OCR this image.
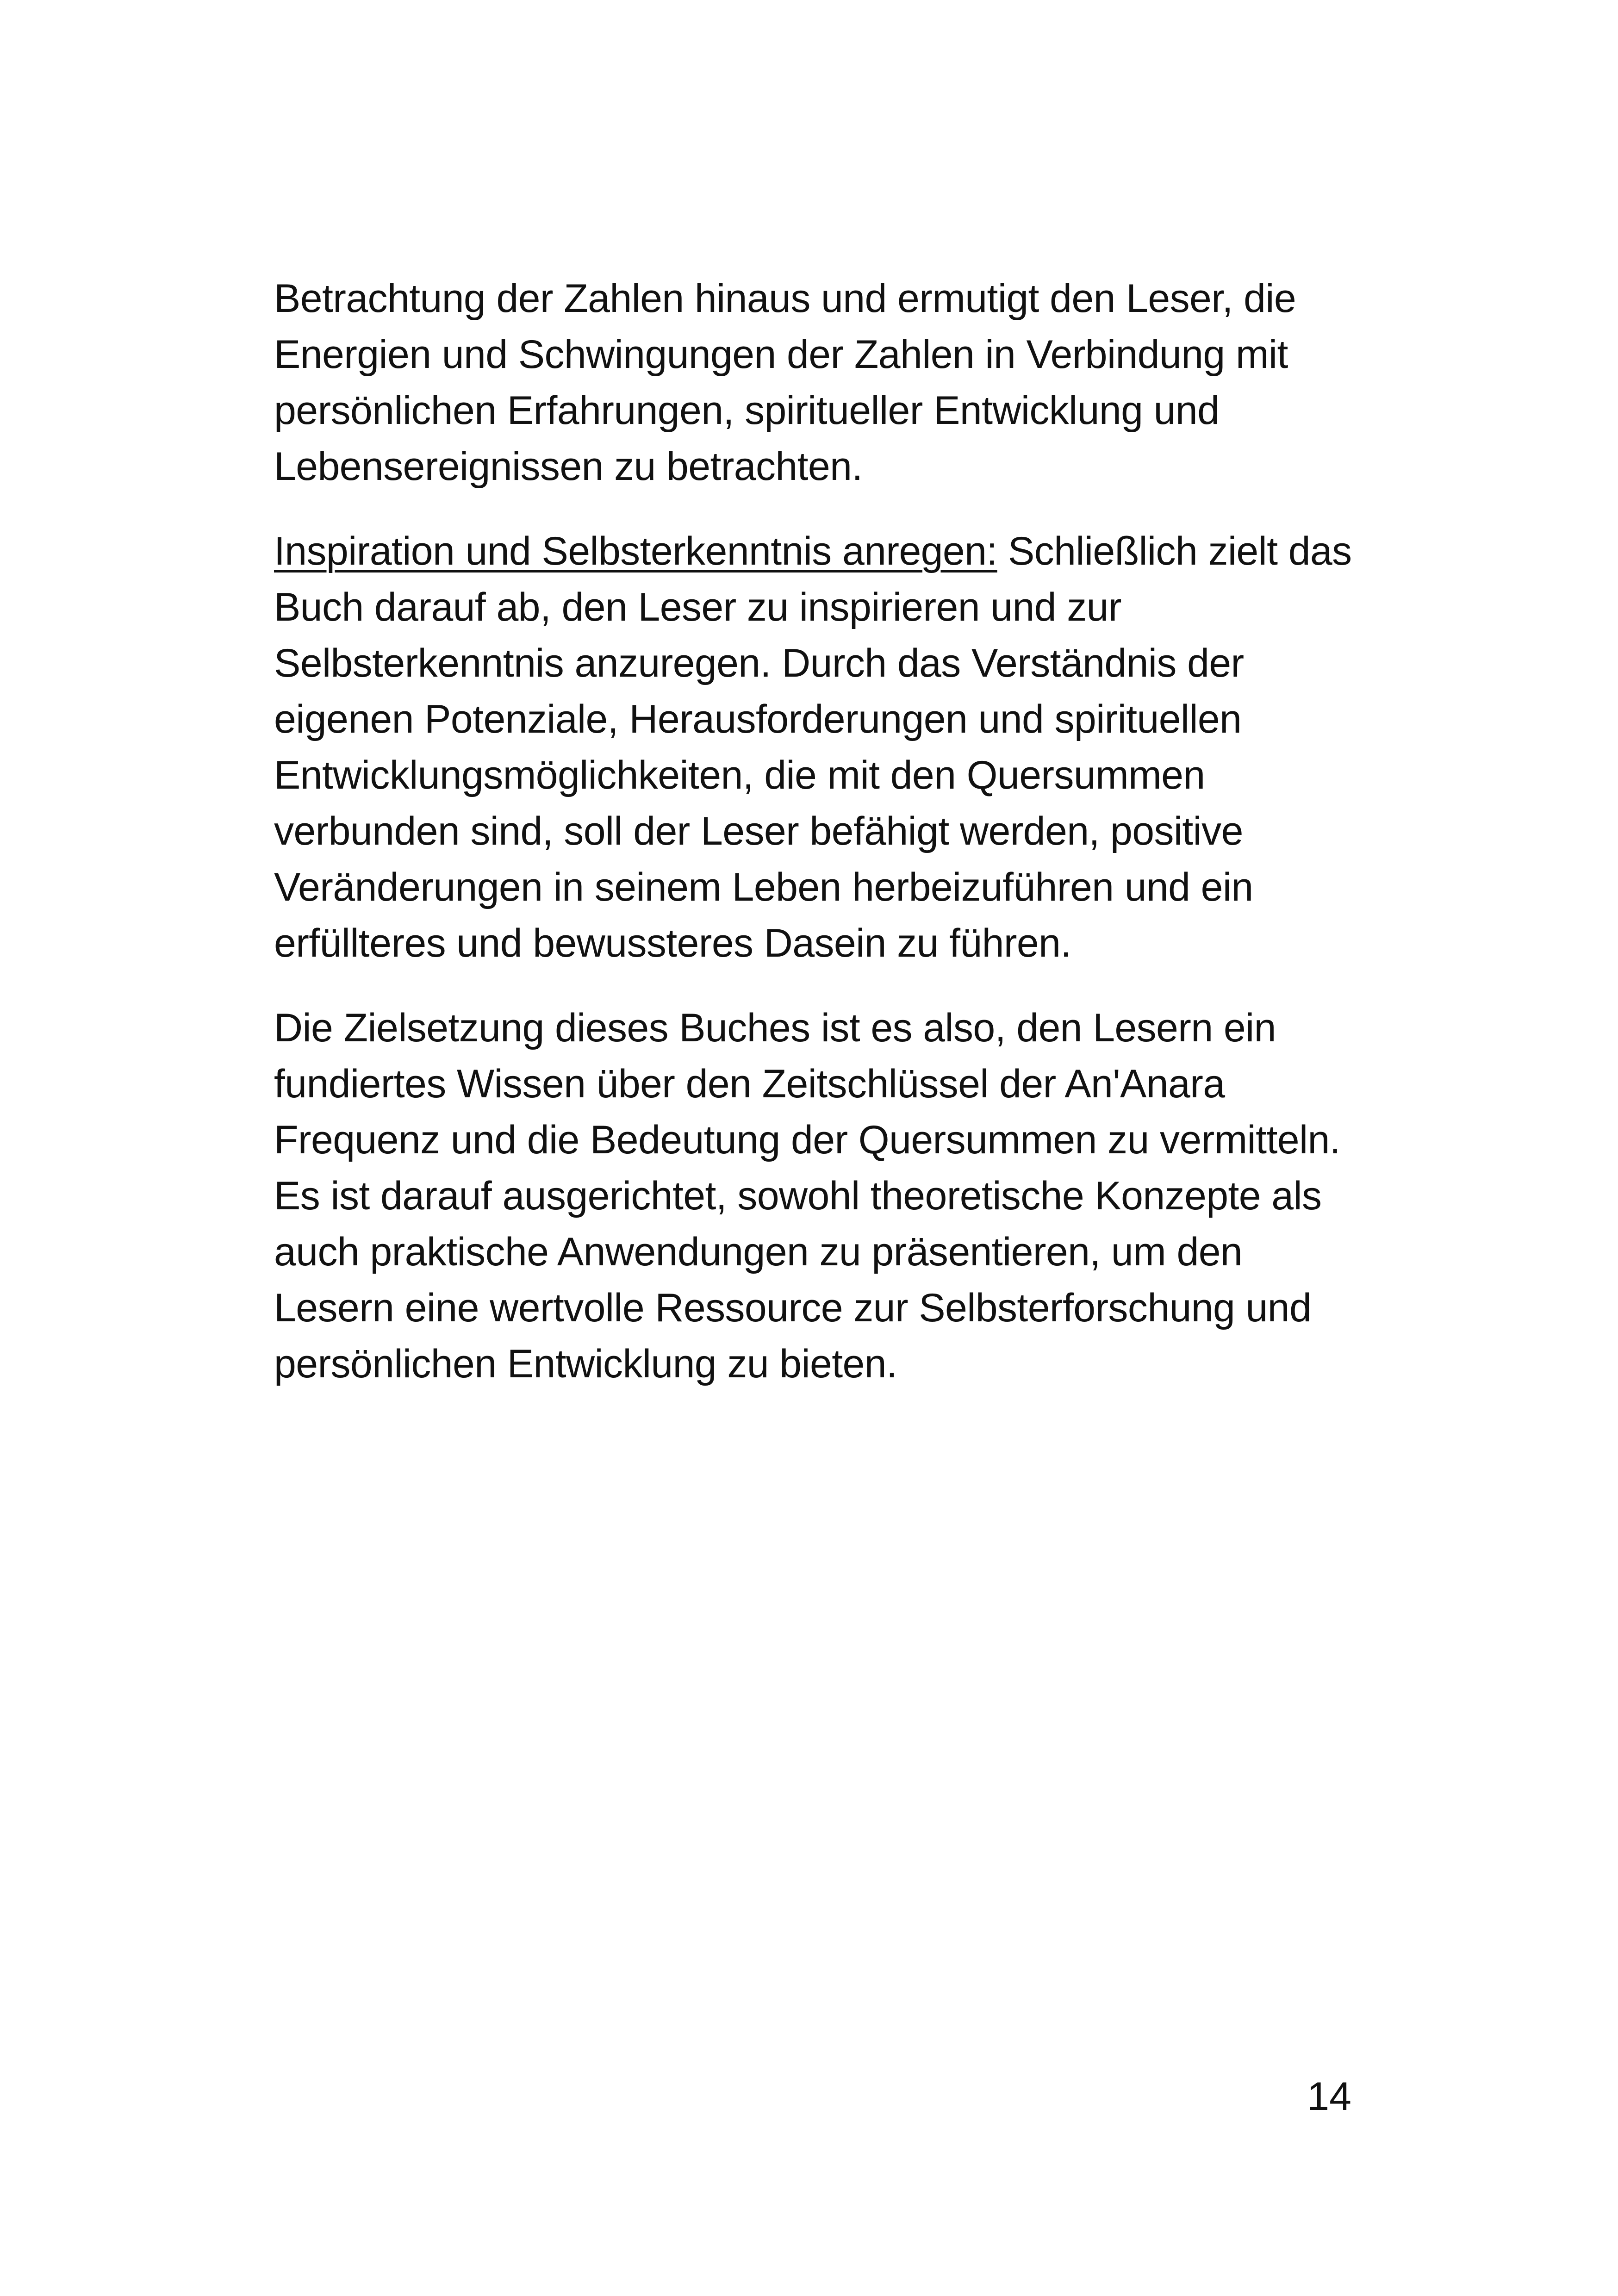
Betrachtung der Zahlen hinaus und ermutigt den Leser, die
Energien und Schwingungen der Zahlen in Verbindung mit
persönlichen Erfahrungen, spiritueller Entwicklung und
Lebensereignissen zu betrachten.
Inspiration und Selbsterkenntnis anregen: Schließlich zielt das
Buch darauf ab, den Leser zu inspirieren und zur
Selbsterkenntnis anzuregen. Durch das Verständnis der
eigenen Potenziale, Herausforderungen und spirituellen
Entwicklungsmöglichkeiten, die mit den Quersummen
verbunden sind, soll der Leser befähigt werden, positive
Veränderungen in seinem Leben herbeizuführen und ein
erfüllteres und bewussteres Dasein zu führen.
Die Zielsetzung dieses Buches ist es also, den Lesern ein
fundiertes Wissen über den Zeitschlüssel der An'Anara
Frequenz und die Bedeutung der Quersummen zu vermitteln.
Es ist darauf ausgerichtet, sowohl theoretische Konzepte als
auch praktische Anwendungen zu präsentieren, um den
Lesern eine wertvolle Ressource zur Selbsterforschung und
persönlichen Entwicklung zu bieten.
14
